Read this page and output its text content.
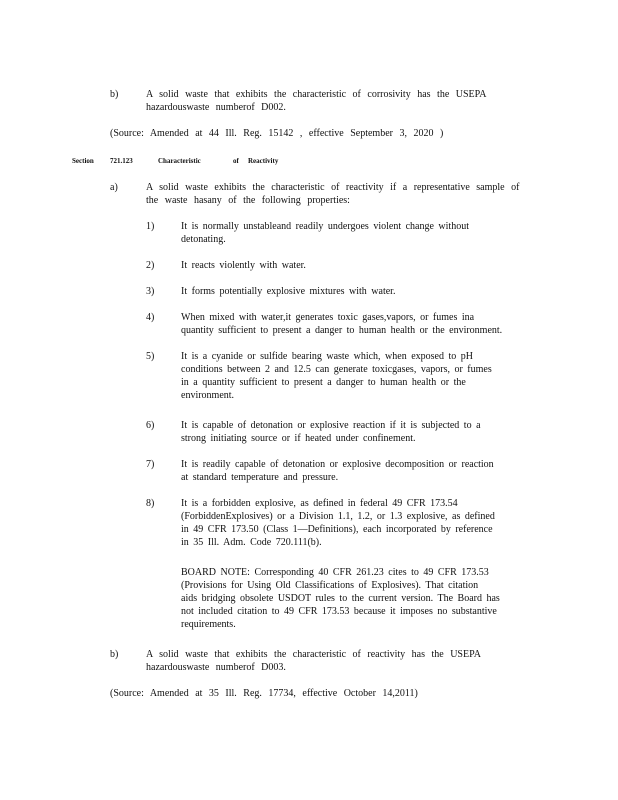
b)	A solid waste that exhibits the characteristic of corrosivity has the USEPA
hazardouswaste numberof D002.
(Source: Amended at 44 Ill. Reg. 15142 , effective September 3, 2020 )
Section 721.123	Characteristic	of Reactivity
a)	A solid waste exhibits the characteristic of reactivity if a representative sample of
the waste hasany of the following properties:
1)	It is normally unstableand readily undergoes violent change without
detonating.
2)	It reacts violently with water.
3)	It forms potentially explosive mixtures with water.
4)	When mixed with water,it generates toxic gases,vapors, or fumes ina
quantity sufficient to present a danger to human health or the environment.
5)	It is a cyanide or sulfide bearing waste which, when exposed to pH
conditions between 2 and 12.5 can generate toxicgases, vapors, or fumes
in a quantity sufficient to present a danger to human health or the
environment.
6)	It is capable of detonation or explosive reaction if it is subjected to a
strong initiating source or if heated under confinement.
7)	It is readily capable of detonation or explosive decomposition or reaction
at standard temperature and pressure.
8)	It is a forbidden explosive, as defined in federal 49 CFR 173.54
(ForbiddenExplosives) or a Division 1.1, 1.2, or 1.3 explosive, as defined
in 49 CFR 173.50 (Class 1—Definitions), each incorporated by reference
in 35 Ill. Adm. Code 720.111(b).
BOARD NOTE: Corresponding 40 CFR 261.23 cites to 49 CFR 173.53
(Provisions for Using Old Classifications of Explosives). That citation
aids bridging obsolete USDOT rules to the current version. The Board has
not included citation to 49 CFR 173.53 because it imposes no substantive
requirements.
b)	A solid waste that exhibits the characteristic of reactivity has the USEPA
hazardouswaste numberof D003.
(Source: Amended at 35 Ill. Reg. 17734, effective October 14,2011)
